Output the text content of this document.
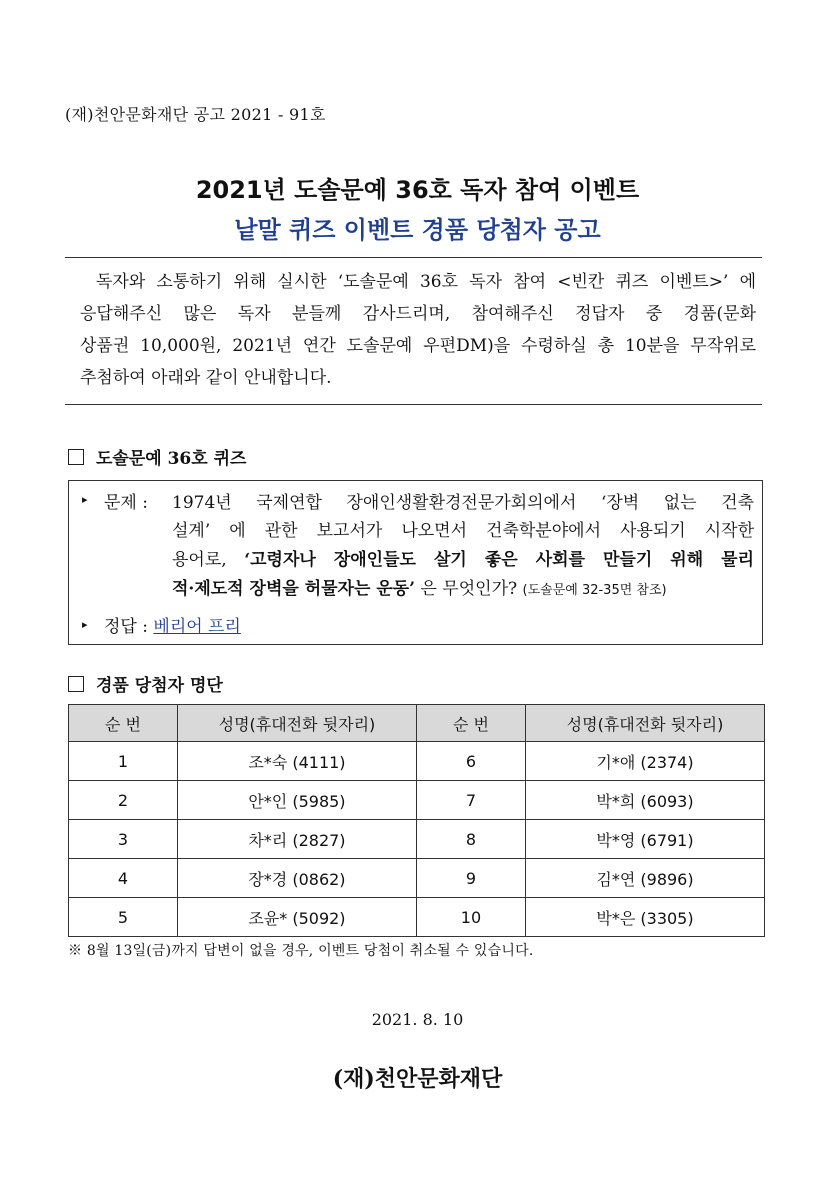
(재)천안문화재단 공고 2021 - 91호
2021년 도솔문예 36호 독자 참여 이벤트
낱말 퀴즈 이벤트 경품 당첨자 공고
독자와 소통하기 위해 실시한 ‘도솔문예 36호 독자 참여 <빈칸 퀴즈 이벤트>’ 에
응답해주신 많은 독자 분들께 감사드리며, 참여해주신 정답자 중 경품(문화
상품권 10,000원, 2021년 연간 도솔문예 우편DM)을 수령하실 총 10분을 무작위로
추첨하여 아래와 같이 안내합니다.
도솔문예 36호 퀴즈
▸ 문제 : 1974년 국제연합 장애인생활환경전문가회의에서 ‘장벽 없는 건축
설계’ 에 관한 보고서가 나오면서 건축학분야에서 사용되기 시작한
용어로, ‘고령자나 장애인들도 살기 좋은 사회를 만들기 위해 물리
적·제도적 장벽을 허물자는 운동’ 은 무엇인가? (도솔문예 32-35면 참조)
▸ 정답 : 베리어 프리
경품 당첨자 명단
순 번	성명(휴대전화 뒷자리)	순 번	성명(휴대전화 뒷자리)
1	조*숙 (4111)	6	기*애 (2374)
2	안*인 (5985)	7	박*희 (6093)
3	차*리 (2827)	8	박*영 (6791)
4	장*경 (0862)	9	김*연 (9896)
5	조윤* (5092)	10	박*은 (3305)
※ 8월 13일(금)까지 답변이 없을 경우, 이벤트 당첨이 취소될 수 있습니다.
2021. 8. 10
(재)천안문화재단
